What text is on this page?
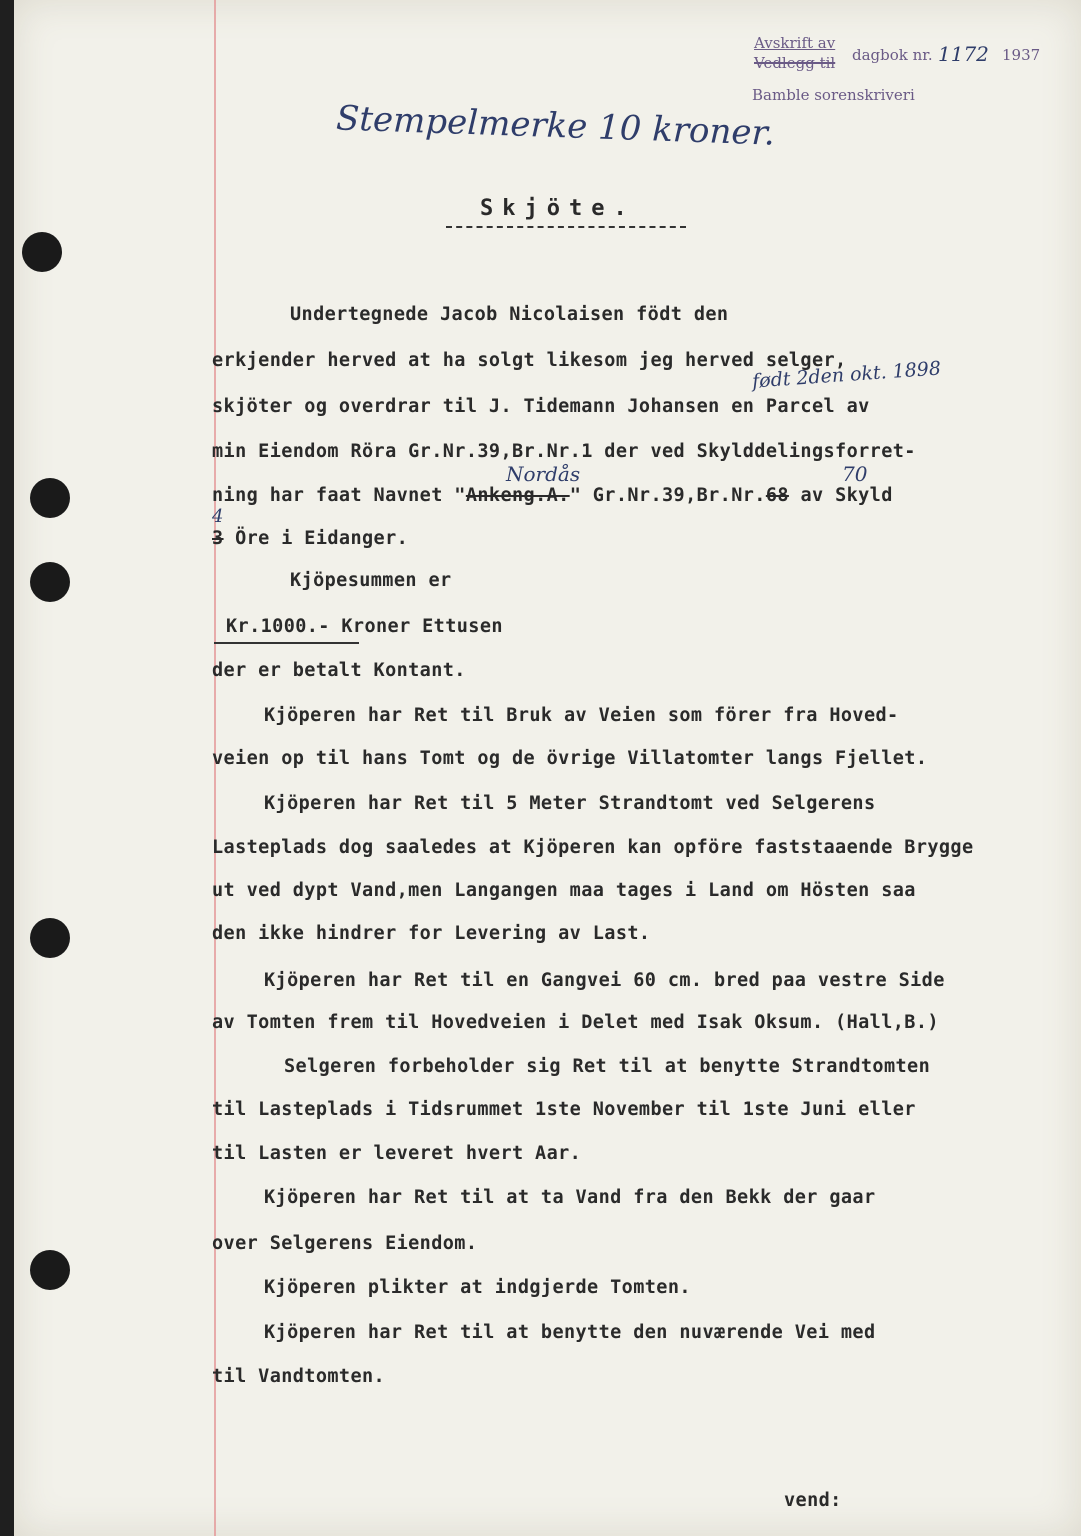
Avskrift av
Vedlegg til dagbok nr. 1172 1937
Bamble sorenskriveri
Stempelmerke 10 kroner.
Skjöte.
Undertegnede Jacob Nicolaisen födt den
erkjender herved at ha solgt likesom jeg herved selger,
født 2den okt. 1898
skjöter og overdrar til J. Tidemann Johansen en Parcel av
min Eiendom Röra Gr.Nr.39,Br.Nr.1 der ved Skylddelingsforret-
Nordås	70
ning har faat Navnet "Ankeng.A." Gr.Nr.39,Br.Nr.68 av Skyld
4
3 Öre i Eidanger.
Kjöpesummen er
Kr.1000.- Kroner Ettusen
der er betalt Kontant.
Kjöperen har Ret til Bruk av Veien som förer fra Hoved-
veien op til hans Tomt og de övrige Villatomter langs Fjellet.
Kjöperen har Ret til 5 Meter Strandtomt ved Selgerens
Lasteplads dog saaledes at Kjöperen kan opföre faststaaende Brygge
ut ved dypt Vand,men Langangen maa tages i Land om Hösten saa
den ikke hindrer for Levering av Last.
Kjöperen har Ret til en Gangvei 60 cm. bred paa vestre Side
av Tomten frem til Hovedveien i Delet med Isak Oksum. (Hall,B.)
Selgeren forbeholder sig Ret til at benytte Strandtomten
til Lasteplads i Tidsrummet 1ste November til 1ste Juni eller
til Lasten er leveret hvert Aar.
Kjöperen har Ret til at ta Vand fra den Bekk der gaar
over Selgerens Eiendom.
Kjöperen plikter at indgjerde Tomten.
Kjöperen har Ret til at benytte den nuværende Vei med
til Vandtomten.
vend:
